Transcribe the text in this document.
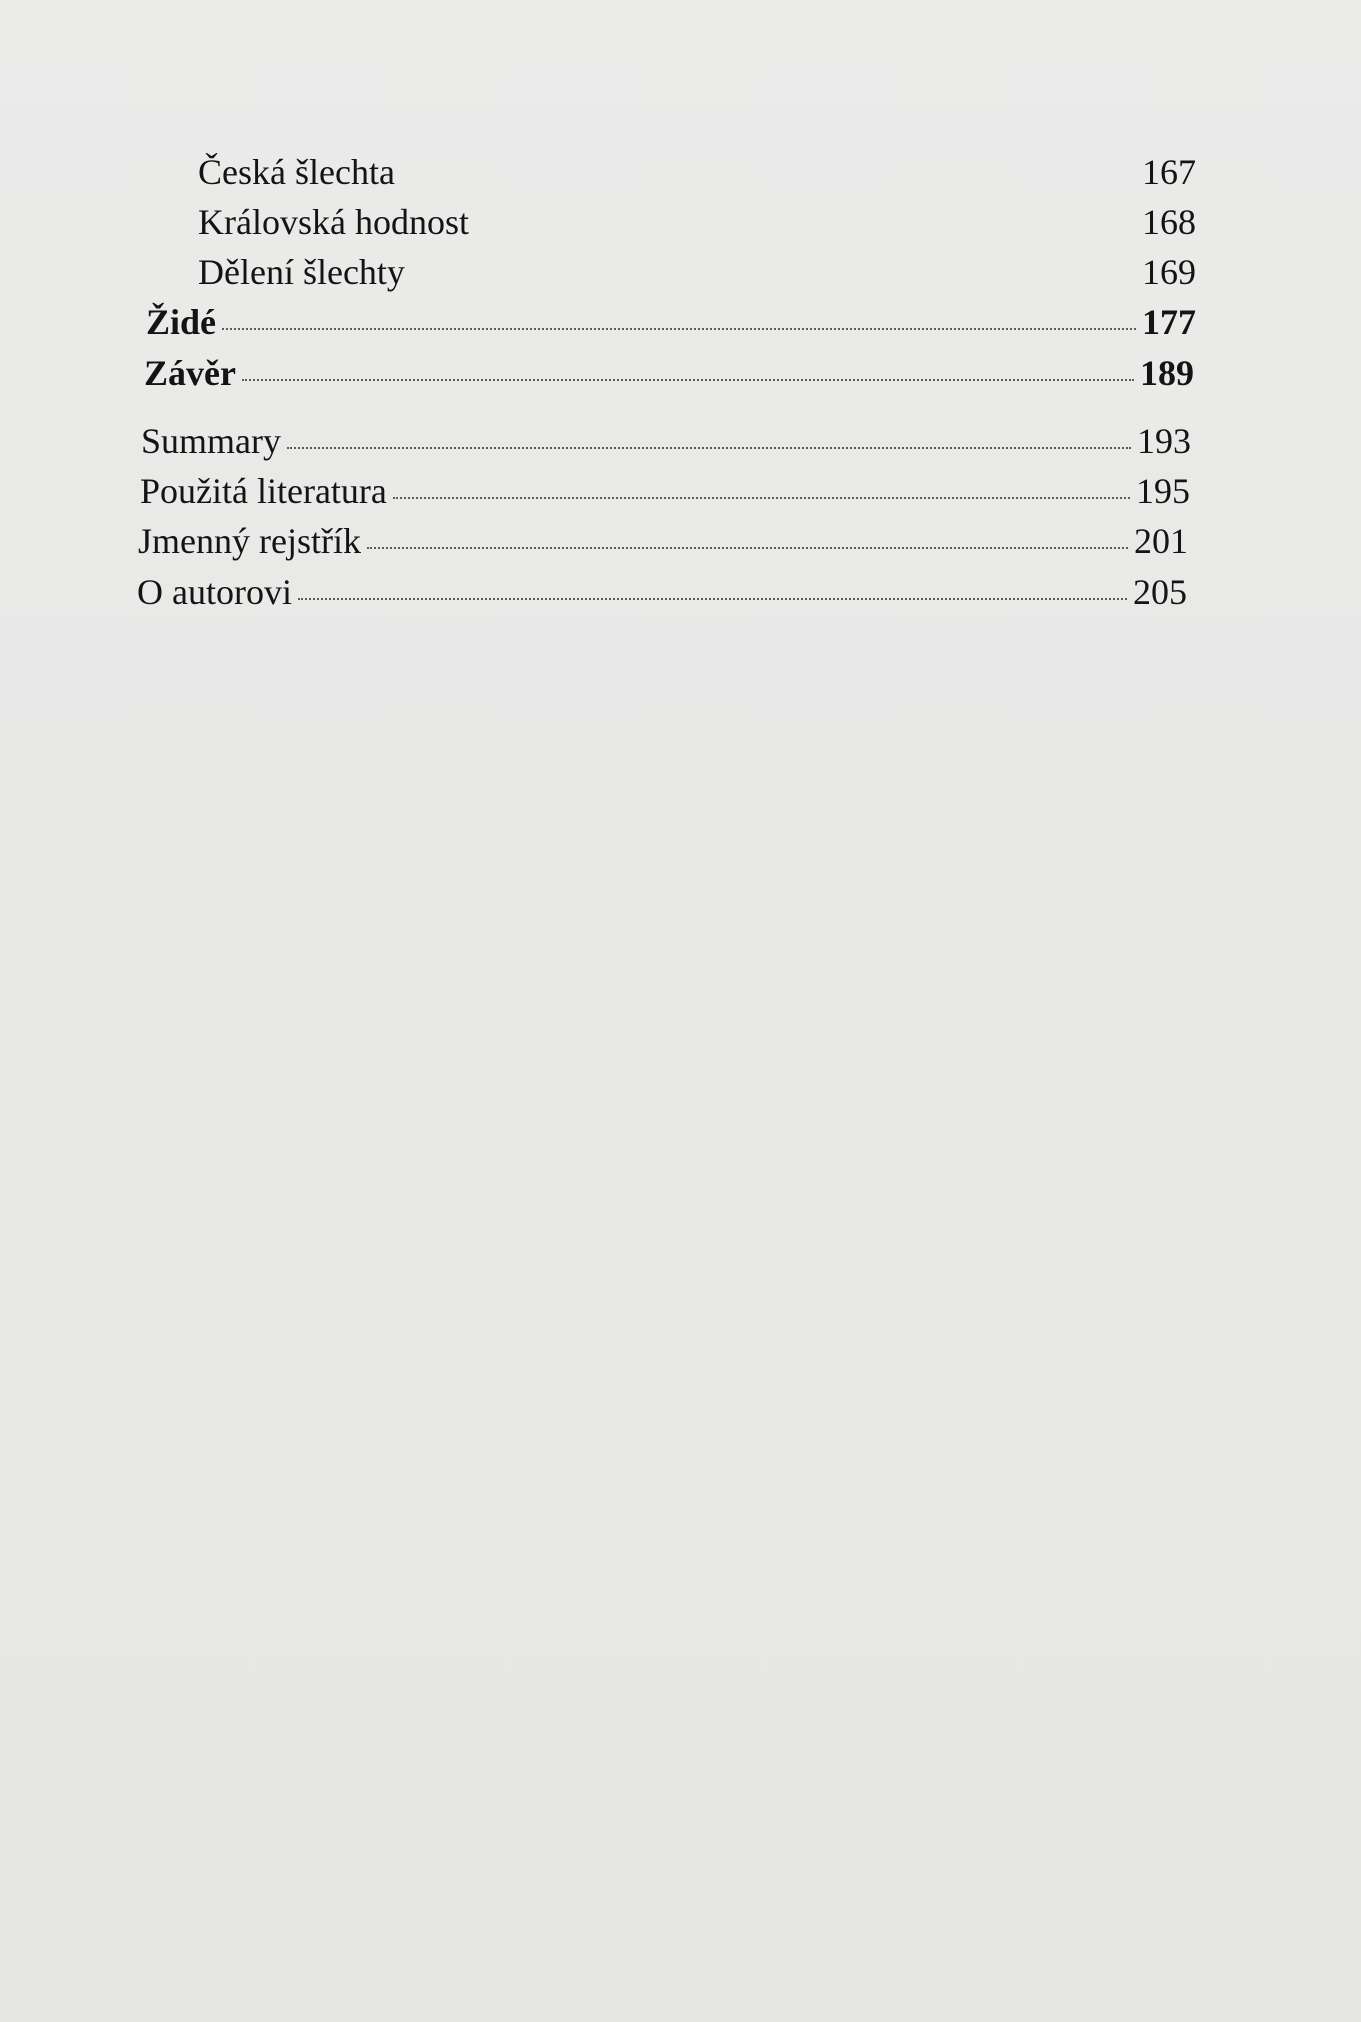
Česká šlechta	167
Královská hodnost	168
Dělení šlechty	169
Židé	177
Závěr	189
Summary	193
Použitá literatura	195
Jmenný rejstřík	201
O autorovi	205
